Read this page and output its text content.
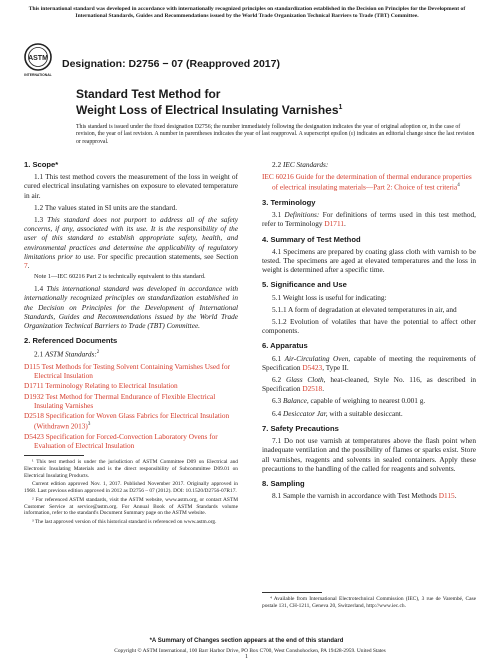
This international standard was developed in accordance with internationally recognized principles on standardization established in the Decision on Principles for the Development of International Standards, Guides and Recommendations issued by the World Trade Organization Technical Barriers to Trade (TBT) Committee.
ASTM
INTERNATIONAL
Designation: D2756 − 07 (Reapproved 2017)
Standard Test Method for
Weight Loss of Electrical Insulating Varnishes$^1$
This standard is issued under the fixed designation D2756; the number immediately following the designation indicates the year of original adoption or, in the case of revision, the year of last revision. A number in parentheses indicates the year of last reapproval. A superscript epsilon (ε) indicates an editorial change since the last revision or reapproval.
1. Scope*
1.1 This test method covers the measurement of the loss in weight of cured electrical insulating varnishes on exposure to elevated temperature in air.
1.2 The values stated in SI units are the standard.
1.3 This standard does not purport to address all of the safety concerns, if any, associated with its use. It is the responsibility of the user of this standard to establish appropriate safety, health, and environmental practices and determine the applicability of regulatory limitations prior to use. For specific precaution statements, see Section 7.
Note 1—IEC 60216 Part 2 is technically equivalent to this standard.
1.4 This international standard was developed in accordance with internationally recognized principles on standardization established in the Decision on Principles for the Development of International Standards, Guides and Recommendations issued by the World Trade Organization Technical Barriers to Trade (TBT) Committee.
2. Referenced Documents
2.1 ASTM Standards:$^2$
D115 Test Methods for Testing Solvent Containing Varnishes Used for Electrical Insulation
D1711 Terminology Relating to Electrical Insulation
D1932 Test Method for Thermal Endurance of Flexible Electrical Insulating Varnishes
D2518 Specification for Woven Glass Fabrics for Electrical Insulation (Withdrawn 2013)$^3$
D5423 Specification for Forced-Convection Laboratory Ovens for Evaluation of Electrical Insulation
¹ This test method is under the jurisdiction of ASTM Committee D09 on Electrical and Electronic Insulating Materials and is the direct responsibility of Subcommittee D09.01 on Electrical Insulating Products.
Current edition approved Nov. 1, 2017. Published November 2017. Originally approved in 1968. Last previous edition approved in 2012 as D2756 – 07 (2012). DOI: 10.1520/D2756-07R17.
² For referenced ASTM standards, visit the ASTM website, www.astm.org, or contact ASTM Customer Service at service@astm.org. For Annual Book of ASTM Standards volume information, refer to the standard's Document Summary page on the ASTM website.
³ The last approved version of this historical standard is referenced on www.astm.org.
2.2 IEC Standards:
IEC 60216 Guide for the determination of thermal endurance properties of electrical insulating materials—Part 2: Choice of test criteria$^4$
3. Terminology
3.1 Definitions: For definitions of terms used in this test method, refer to Terminology D1711.
4. Summary of Test Method
4.1 Specimens are prepared by coating glass cloth with varnish to be tested. The specimens are aged at elevated temperatures and the loss in weight is determined after a specific time.
5. Significance and Use
5.1 Weight loss is useful for indicating:
5.1.1 A form of degradation at elevated temperatures in air, and
5.1.2 Evolution of volatiles that have the potential to affect other components.
6. Apparatus
6.1 Air-Circulating Oven, capable of meeting the requirements of Specification D5423, Type II.
6.2 Glass Cloth, heat-cleaned, Style No. 116, as described in Specification D2518.
6.3 Balance, capable of weighing to nearest 0.001 g.
6.4 Desiccator Jar, with a suitable desiccant.
7. Safety Precautions
7.1 Do not use varnish at temperatures above the flash point when inadequate ventilation and the possibility of flames or sparks exist. Store all varnishes, reagents and solvents in sealed containers. Apply these precautions to the handling of the called for reagents and solvents.
8. Sampling
8.1 Sample the varnish in accordance with Test Methods D115.
⁴ Available from International Electrotechnical Commission (IEC), 3 rue de Varembé, Case postale 131, CH-1211, Geneva 20, Switzerland, http://www.iec.ch.
*A Summary of Changes section appears at the end of this standard
Copyright © ASTM International, 100 Barr Harbor Drive, PO Box C700, West Conshohocken, PA 19428-2959. United States
1
